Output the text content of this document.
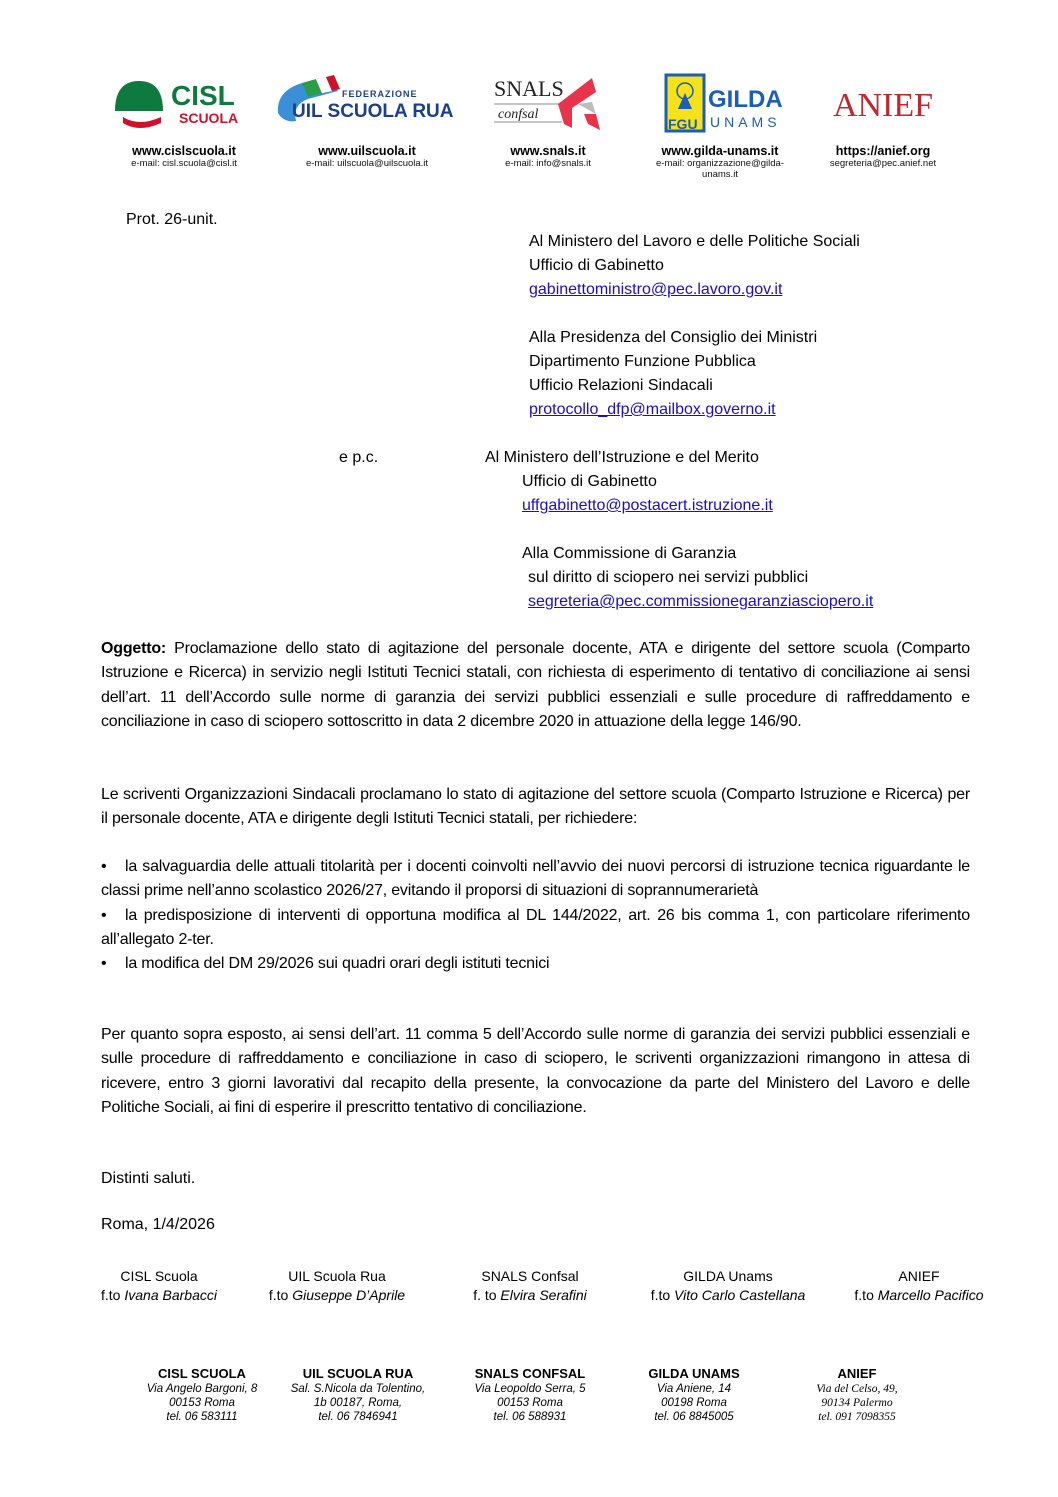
CISL
SCUOLA
www.cislscuola.it
e-mail: cisl.scuola@cisl.it
FEDERAZIONE
UIL SCUOLA RUA
www.uilscuola.it
e-mail: uilscuola@uilscuola.it
SNALS
confsal
www.snals.it
e-mail: info@snals.it
FGU
GILDA
UNAMS
www.gilda-unams.it
e-mail: organizzazione@gilda-unams.it
ANIEF
https://anief.org
segreteria@pec.anief.net
Prot. 26-unit.
Al Ministero del Lavoro e delle Politiche Sociali
Ufficio di Gabinetto
gabinettoministro@pec.lavoro.gov.it
Alla Presidenza del Consiglio dei Ministri
Dipartimento Funzione Pubblica
Ufficio Relazioni Sindacali
protocollo_dfp@mailbox.governo.it
e p.c.	Al Ministero dell’Istruzione e del Merito
Ufficio di Gabinetto
uffgabinetto@postacert.istruzione.it
Alla Commissione di Garanzia
sul diritto di sciopero nei servizi pubblici
segreteria@pec.commissionegaranziasciopero.it
Oggetto: Proclamazione dello stato di agitazione del personale docente, ATA e dirigente del settore scuola (Comparto Istruzione e Ricerca) in servizio negli Istituti Tecnici statali, con richiesta di esperimento di tentativo di conciliazione ai sensi dell’art. 11 dell’Accordo sulle norme di garanzia dei servizi pubblici essenziali e sulle procedure di raffreddamento e conciliazione in caso di sciopero sottoscritto in data 2 dicembre 2020 in attuazione della legge 146/90.
Le scriventi Organizzazioni Sindacali proclamano lo stato di agitazione del settore scuola (Comparto Istruzione e Ricerca) per il personale docente, ATA e dirigente degli Istituti Tecnici statali, per richiedere:
• la salvaguardia delle attuali titolarità per i docenti coinvolti nell’avvio dei nuovi percorsi di istruzione tecnica riguardante le classi prime nell’anno scolastico 2026/27, evitando il proporsi di situazioni di soprannumerarietà
• la predisposizione di interventi di opportuna modifica al DL 144/2022, art. 26 bis comma 1, con particolare riferimento all’allegato 2-ter.
• la modifica del DM 29/2026 sui quadri orari degli istituti tecnici
Per quanto sopra esposto, ai sensi dell’art. 11 comma 5 dell’Accordo sulle norme di garanzia dei servizi pubblici essenziali e sulle procedure di raffreddamento e conciliazione in caso di sciopero, le scriventi organizzazioni rimangono in attesa di ricevere, entro 3 giorni lavorativi dal recapito della presente, la convocazione da parte del Ministero del Lavoro e delle Politiche Sociali, ai fini di esperire il prescritto tentativo di conciliazione.
Distinti saluti.
Roma, 1/4/2026
CISL Scuola
f.to Ivana Barbacci
UIL Scuola Rua
f.to Giuseppe D’Aprile
SNALS Confsal
f. to Elvira Serafini
GILDA Unams
f.to Vito Carlo Castellana
ANIEF
f.to Marcello Pacifico
CISL SCUOLA
Via Angelo Bargoni, 8
00153 Roma
tel. 06 583111
UIL SCUOLA RUA
Sal. S.Nicola da Tolentino,
1b 00187, Roma,
tel. 06 7846941
SNALS CONFSAL
Via Leopoldo Serra, 5
00153 Roma
tel. 06 588931
GILDA UNAMS
Via Aniene, 14
00198 Roma
tel. 06 8845005
ANIEF
Via del Celso, 49,
90134 Palermo
tel. 091 7098355
